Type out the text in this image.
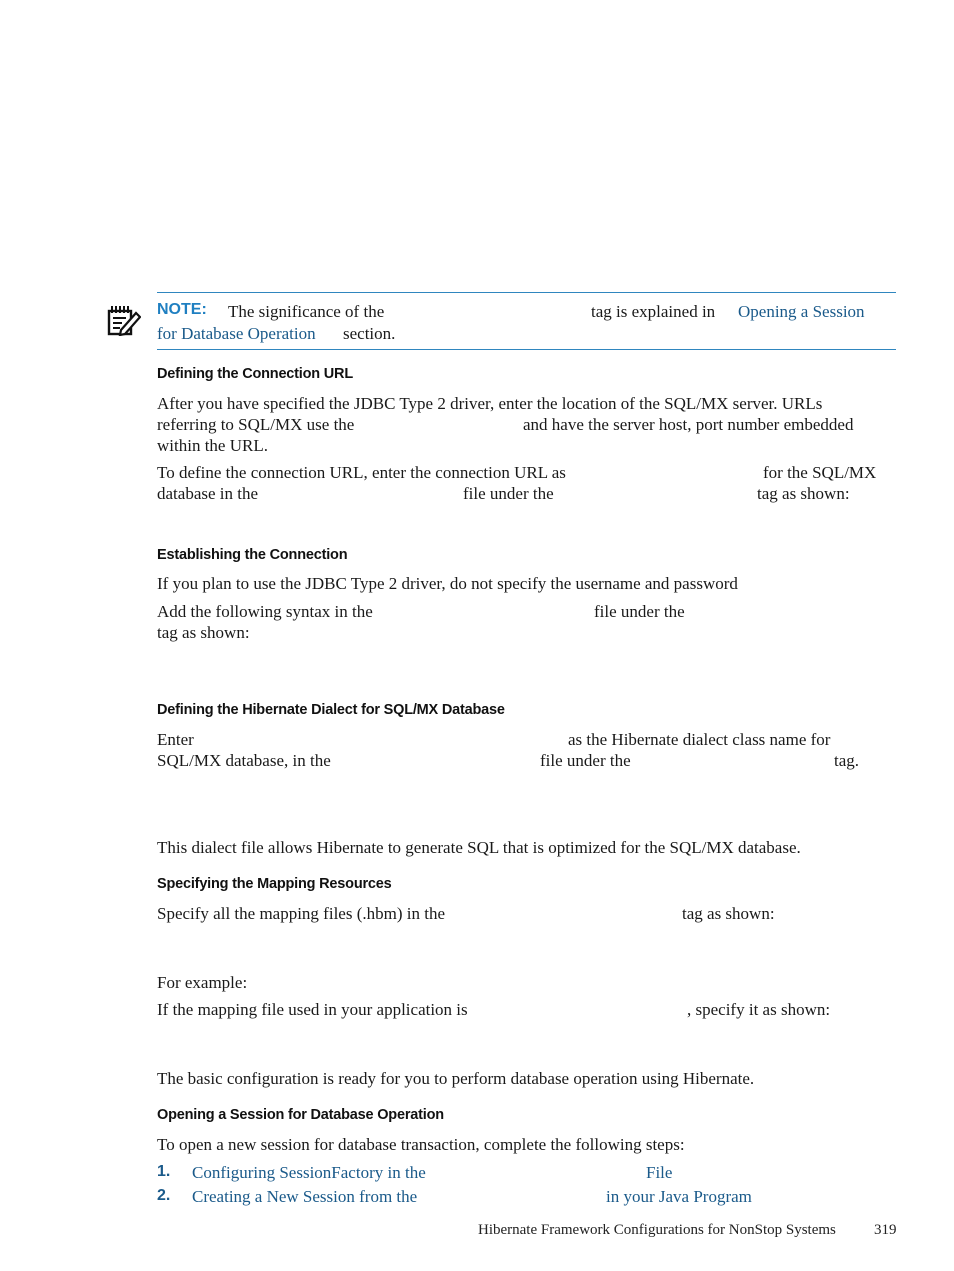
NOTE: The significance of the	tag is explained in Opening a Session
for Database Operation section.
Defining the Connection URL
After you have specified the JDBC Type 2 driver, enter the location of the SQL/MX server. URLs
referring to SQL/MX use the	and have the server host, port number embedded
within the URL.
To define the connection URL, enter the connection URL as	for the SQL/MX
database in the	file under the	tag as shown:
Establishing the Connection
If you plan to use the JDBC Type 2 driver, do not specify the username and password
Add the following syntax in the	file under the
tag as shown:
Defining the Hibernate Dialect for SQL/MX Database
Enter	as the Hibernate dialect class name for
SQL/MX database, in the	file under the	tag.
This dialect file allows Hibernate to generate SQL that is optimized for the SQL/MX database.
Specifying the Mapping Resources
Specify all the mapping files (.hbm) in the	tag as shown:
For example:
If the mapping file used in your application is	, specify it as shown:
The basic configuration is ready for you to perform database operation using Hibernate.
Opening a Session for Database Operation
To open a new session for database transaction, complete the following steps:
1. Configuring SessionFactory in the	File
2. Creating a New Session from the	in your Java Program
Hibernate Framework Configurations for NonStop Systems	319
